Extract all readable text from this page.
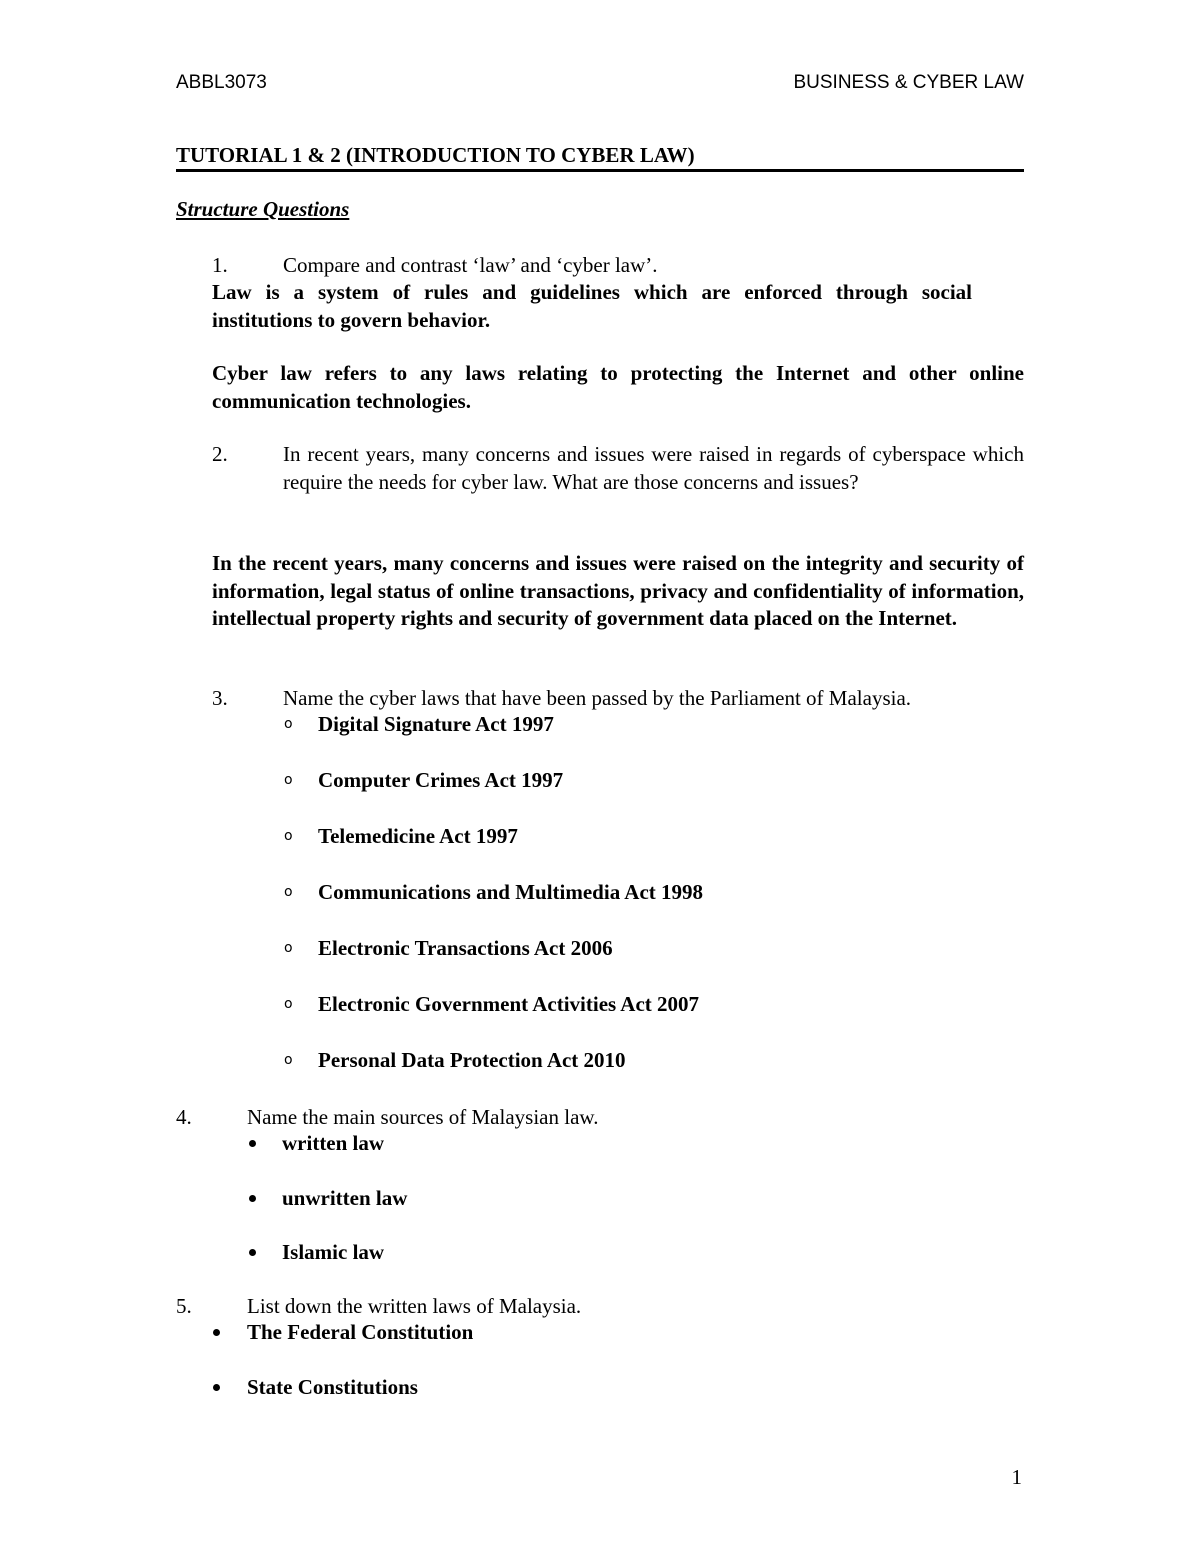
ABBL3073	BUSINESS & CYBER LAW
TUTORIAL 1 & 2 (INTRODUCTION TO CYBER LAW)
Structure Questions
1.	Compare and contrast ‘law’ and ‘cyber law’.
Law is a system of rules and guidelines which are enforced through social institutions to govern behavior.
Cyber law refers to any laws relating to protecting the Internet and other online communication technologies.
2.	In recent years, many concerns and issues were raised in regards of cyberspace which require the needs for cyber law. What are those concerns and issues?
In the recent years, many concerns and issues were raised on the integrity and security of information, legal status of online transactions, privacy and confidentiality of information, intellectual property rights and security of government data placed on the Internet.
3.	Name the cyber laws that have been passed by the Parliament of Malaysia.
o Digital Signature Act 1997
o Computer Crimes Act 1997
o Telemedicine Act 1997
o Communications and Multimedia Act 1998
o Electronic Transactions Act 2006
o Electronic Government Activities Act 2007
o Personal Data Protection Act 2010
4.	Name the main sources of Malaysian law.
written law
unwritten law
Islamic law
5.	List down the written laws of Malaysia.
The Federal Constitution
State Constitutions
1
